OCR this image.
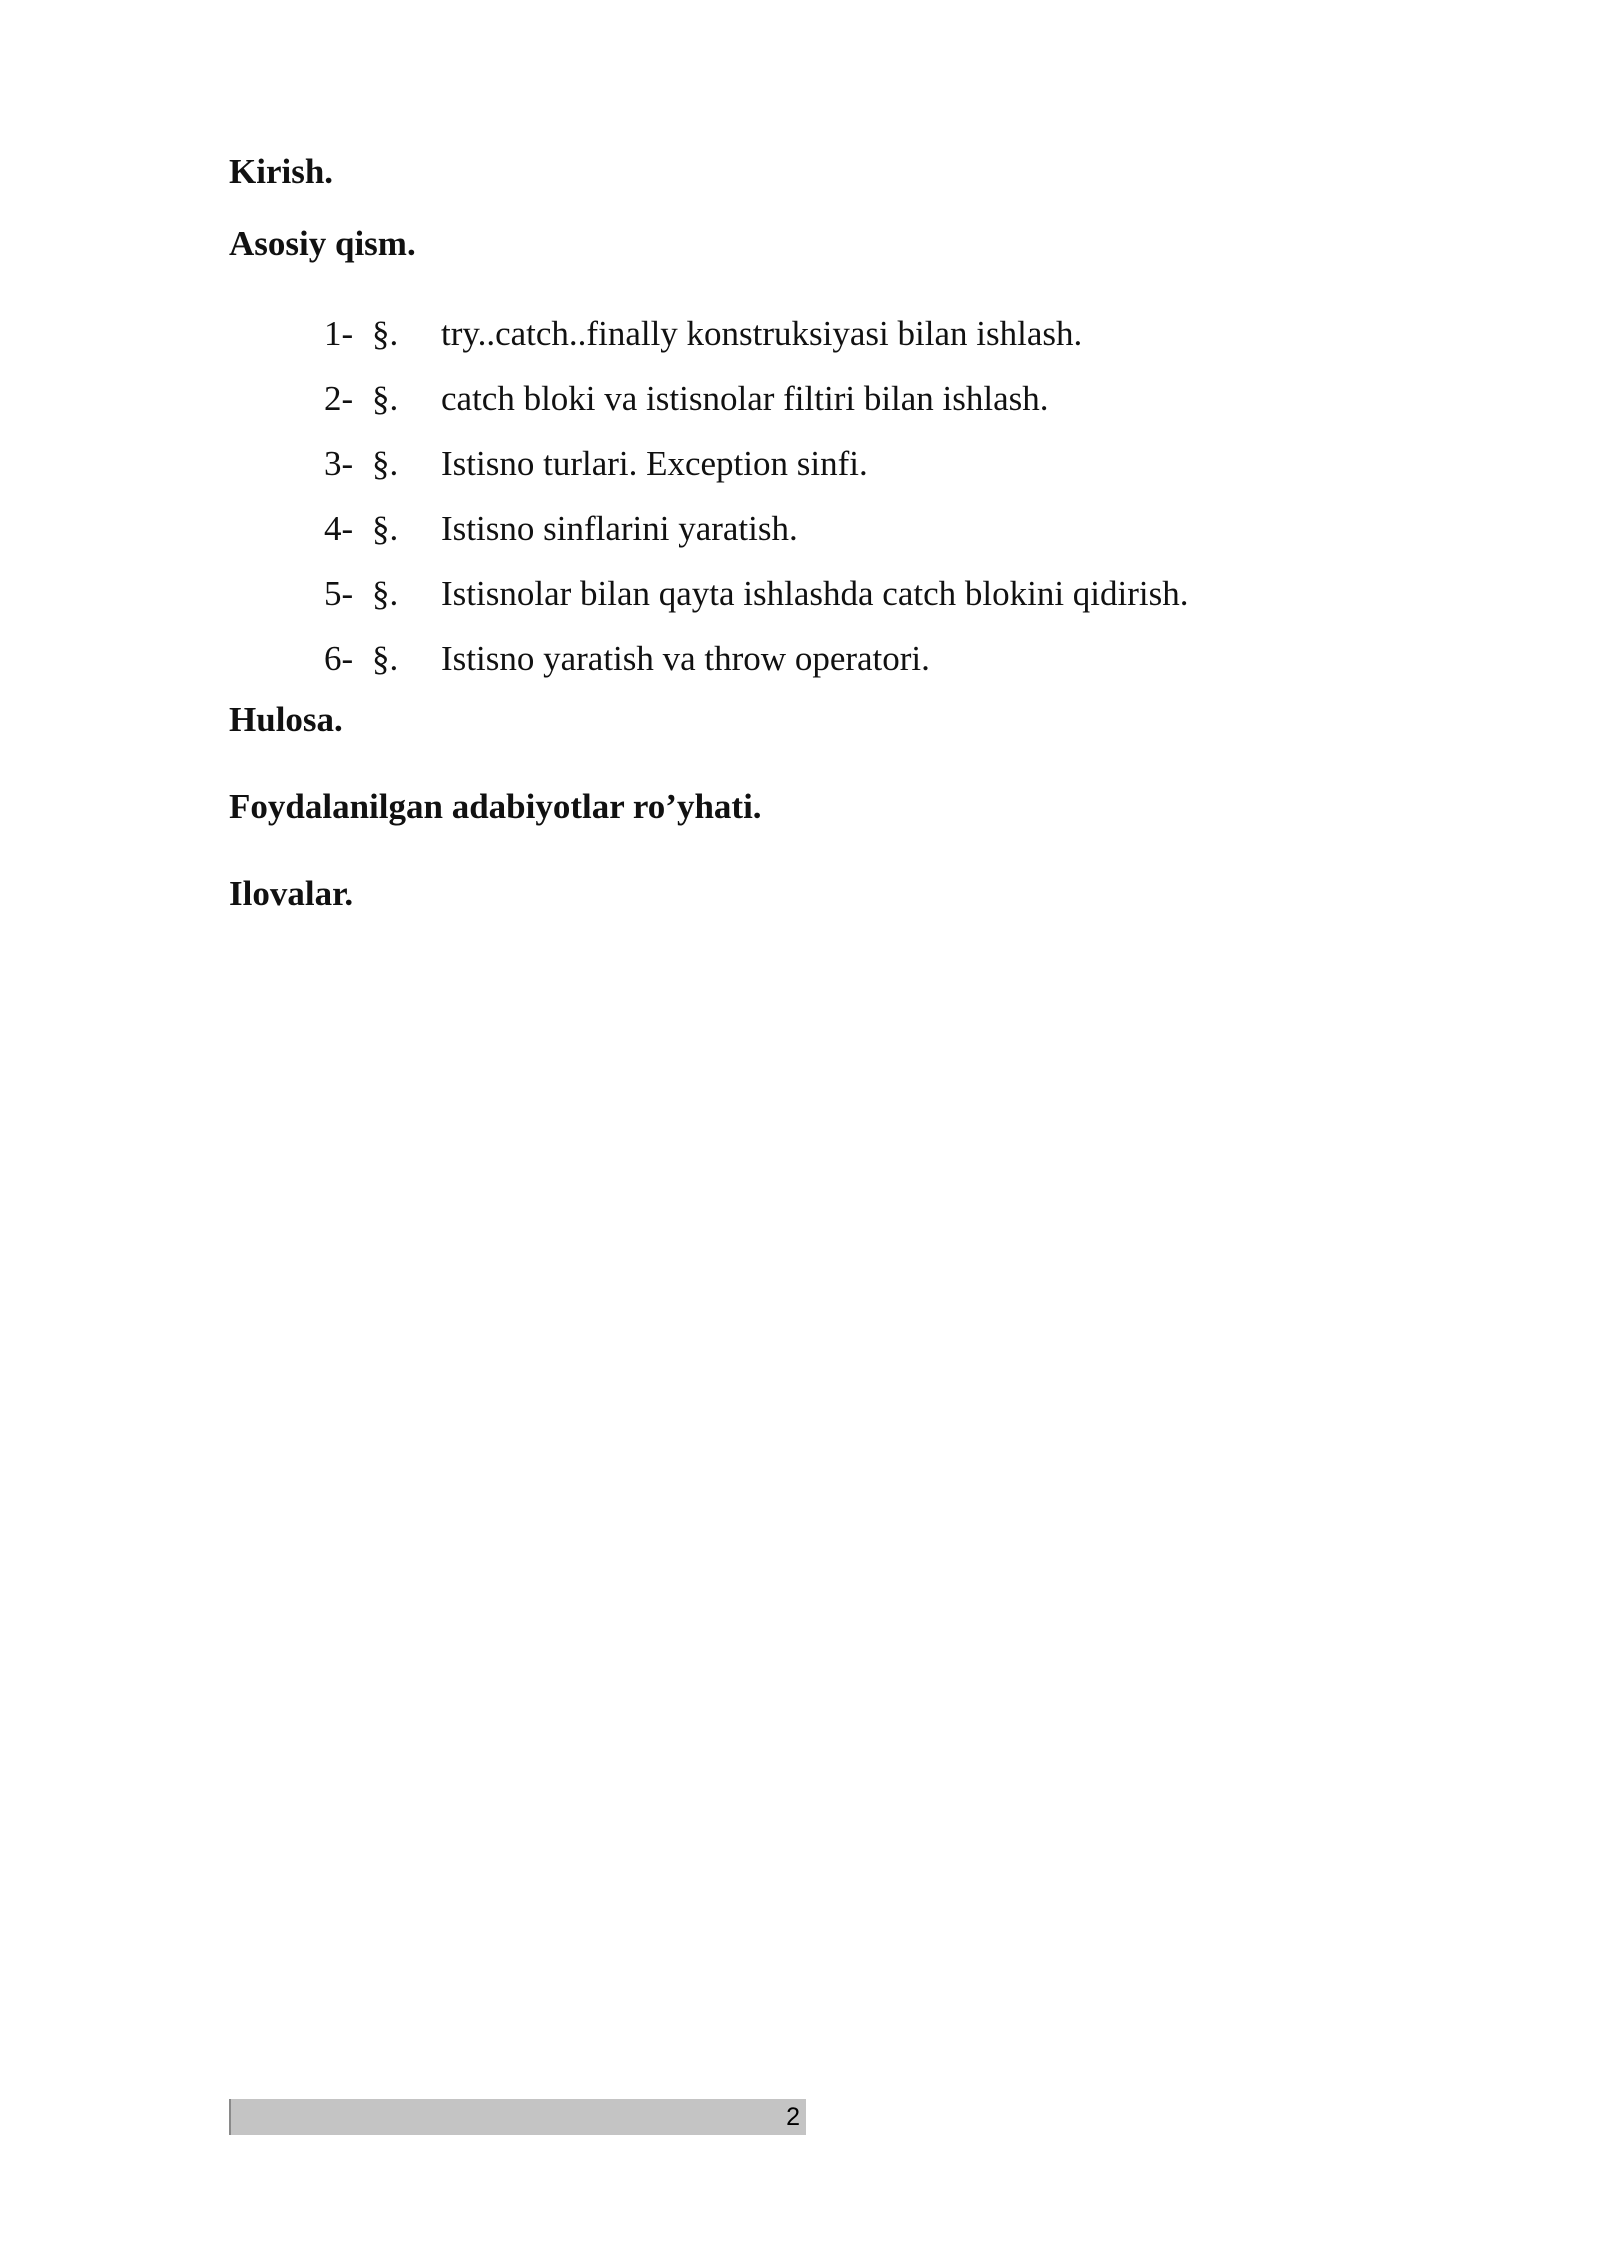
Kirish.

Asosiy qism.

1- §. try..catch..finally konstruksiyasi bilan ishlash.
2- §. catch bloki va istisnolar filtiri bilan ishlash.
3- §. Istisno turlari. Exception sinfi.
4- §. Istisno sinflarini yaratish.
5- §. Istisnolar bilan qayta ishlashda catch blokini qidirish.
6- §. Istisno yaratish va throw operatori.

Hulosa.

Foydalanilgan adabiyotlar ro’yhati.

Ilovalar.

2
